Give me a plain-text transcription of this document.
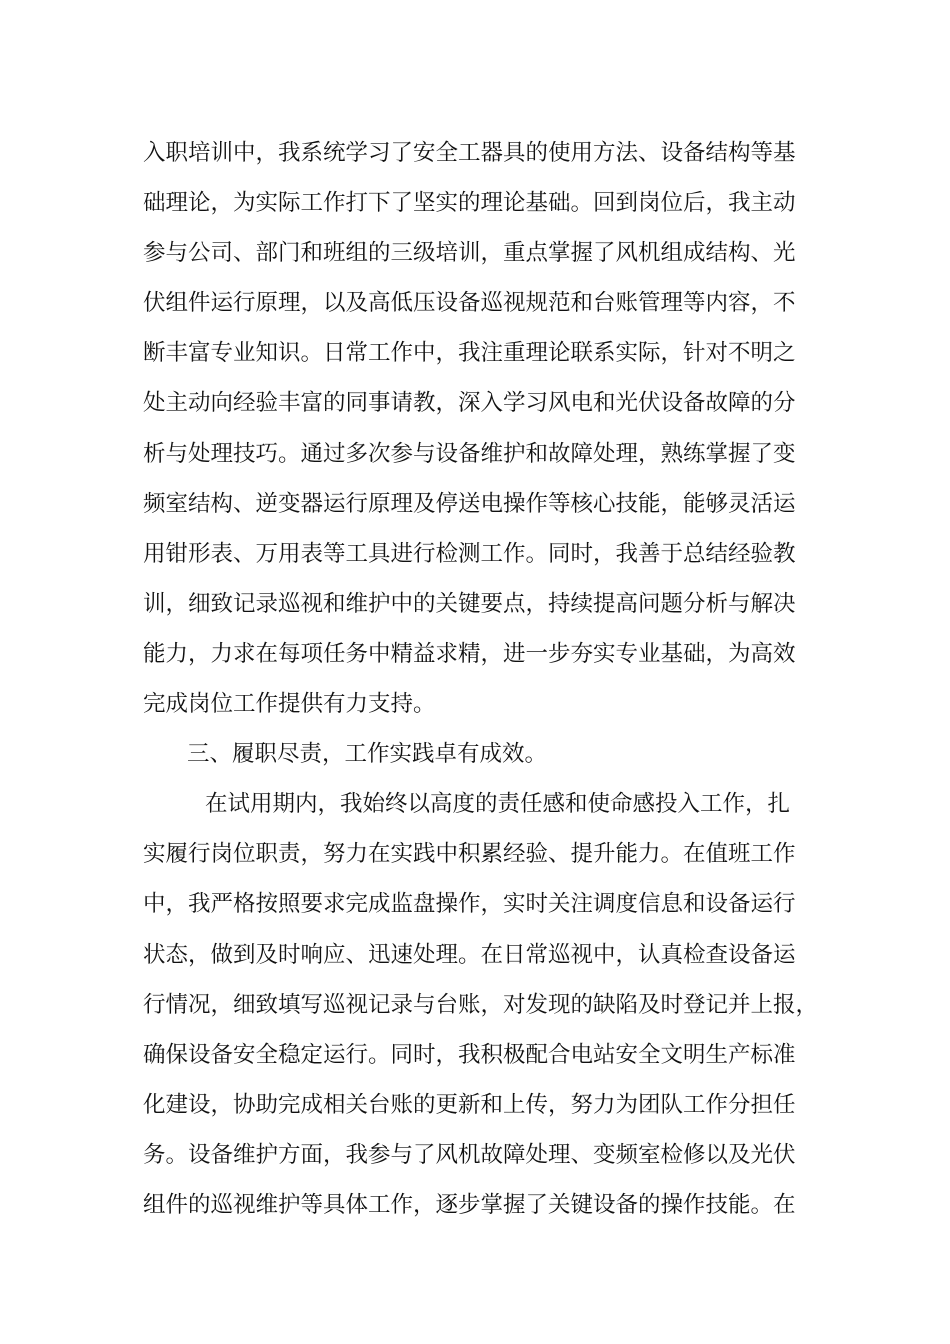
入职培训中，我系统学习了安全工器具的使用方法、设备结构等基
础理论，为实际工作打下了坚实的理论基础。回到岗位后，我主动
参与公司、部门和班组的三级培训，重点掌握了风机组成结构、光
伏组件运行原理，以及高低压设备巡视规范和台账管理等内容，不
断丰富专业知识。日常工作中，我注重理论联系实际，针对不明之
处主动向经验丰富的同事请教，深入学习风电和光伏设备故障的分
析与处理技巧。通过多次参与设备维护和故障处理，熟练掌握了变
频室结构、逆变器运行原理及停送电操作等核心技能，能够灵活运
用钳形表、万用表等工具进行检测工作。同时，我善于总结经验教
训，细致记录巡视和维护中的关键要点，持续提高问题分析与解决
能力，力求在每项任务中精益求精，进一步夯实专业基础，为高效
完成岗位工作提供有力支持。
三、履职尽责，工作实践卓有成效。
在试用期内，我始终以高度的责任感和使命感投入工作，扎
实履行岗位职责，努力在实践中积累经验、提升能力。在值班工作
中，我严格按照要求完成监盘操作，实时关注调度信息和设备运行
状态，做到及时响应、迅速处理。在日常巡视中，认真检查设备运
行情况，细致填写巡视记录与台账，对发现的缺陷及时登记并上报，
确保设备安全稳定运行。同时，我积极配合电站安全文明生产标准
化建设，协助完成相关台账的更新和上传，努力为团队工作分担任
务。设备维护方面，我参与了风机故障处理、变频室检修以及光伏
组件的巡视维护等具体工作，逐步掌握了关键设备的操作技能。在
